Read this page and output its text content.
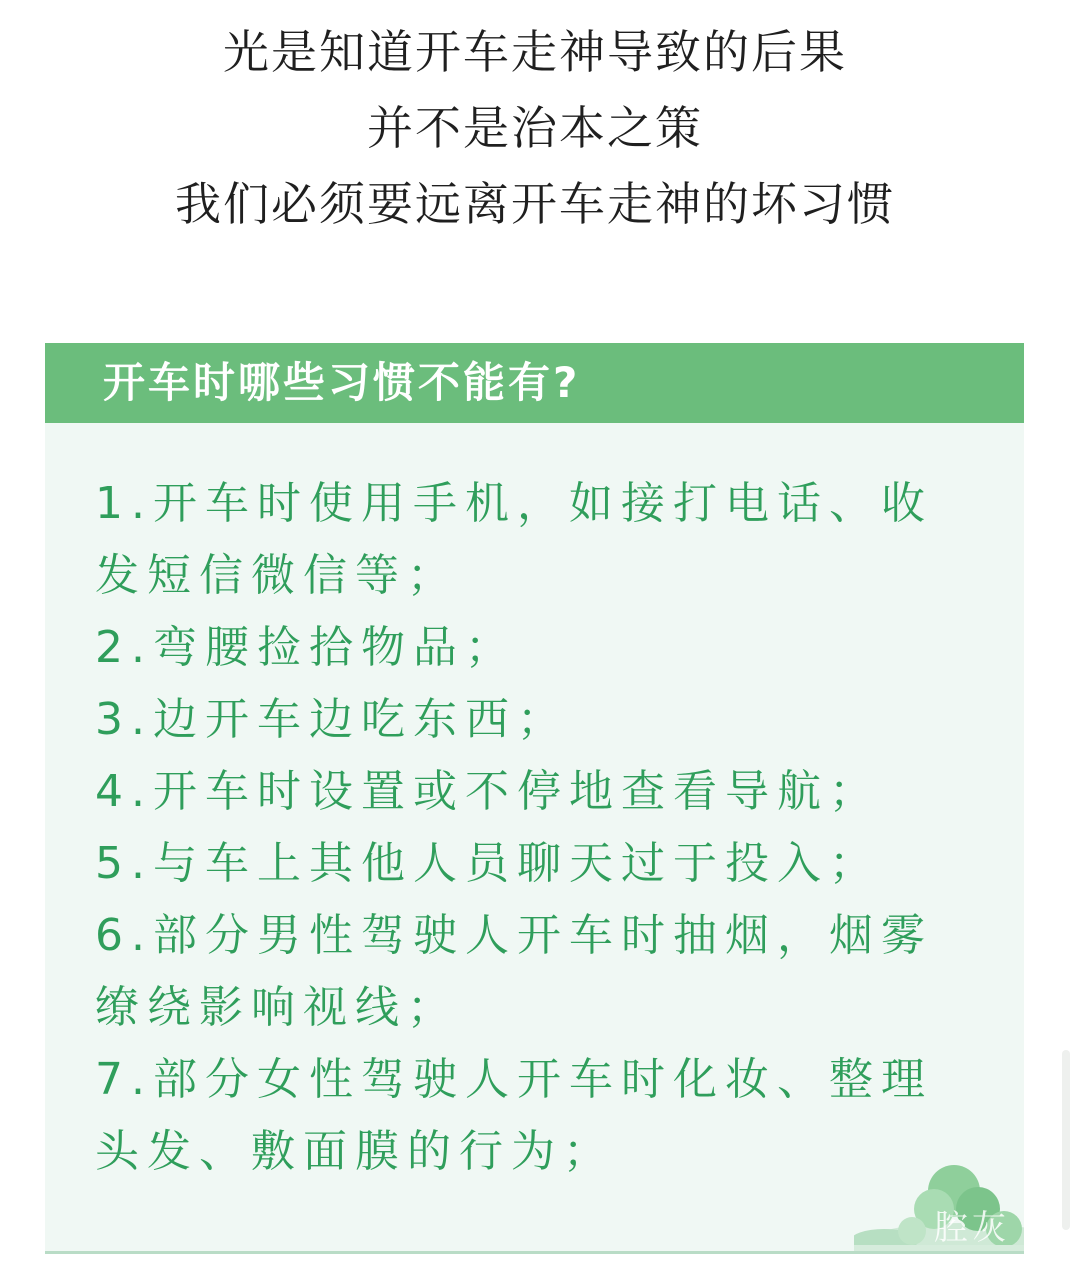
光是知道开车走神导致的后果
并不是治本之策
我们必须要远离开车走神的坏习惯
开车时哪些习惯不能有?
1.开车时使用手机，如接打电话、收发短信微信等；
2.弯腰捡拾物品；
3.边开车边吃东西；
4.开车时设置或不停地查看导航；
5.与车上其他人员聊天过于投入；
6.部分男性驾驶人开车时抽烟，烟雾缭绕影响视线；
7.部分女性驾驶人开车时化妆、整理头发、敷面膜的行为；
腔灰
